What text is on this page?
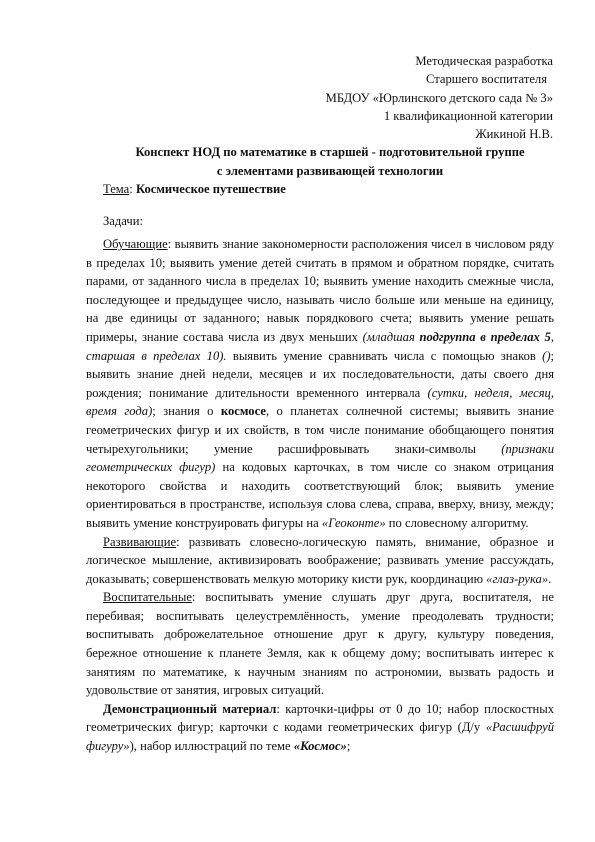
Методическая разработка
Старшего воспитателя
МБДОУ «Юрлинского детского сада № 3»
1 квалификационной категории
Жикиной Н.В.
Конспект НОД по математике в старшей - подготовительной группе
с элементами развивающей технологии
Тема: Космическое путешествие
Задачи:

Обучающие: выявить знание закономерности расположения чисел в числовом ряду в пределах 10; выявить умение детей считать в прямом и обратном порядке, считать парами, от заданного числа в пределах 10; выявить умение находить смежные числа, последующее и предыдущее число, называть число больше или меньше на единицу, на две единицы от заданного; навык порядкового счета; выявить умение решать примеры, знание состава числа из двух меньших (младшая подгруппа в пределах 5, старшая в пределах 10). выявить умение сравнивать числа с помощью знаков (); выявить знание дней недели, месяцев и их последовательности, даты своего дня рождения; понимание длительности временного интервала (сутки, неделя, месяц, время года); знания о космосе, о планетах солнечной системы; выявить знание геометрических фигур и их свойств, в том числе понимание обобщающего понятия четырехугольники; умение расшифровывать знаки-символы (признаки геометрических фигур) на кодовых карточках, в том числе со знаком отрицания некоторого свойства и находить соответствующий блок; выявить умение ориентироваться в пространстве, используя слова слева, справа, вверху, внизу, между; выявить умение конструировать фигуры на «Геоконте» по словесному алгоритму.

Развивающие: развивать словесно-логическую память, внимание, образное и логическое мышление, активизировать воображение; развивать умение рассуждать, доказывать; совершенствовать мелкую моторику кисти рук, координацию «глаз-рука».

Воспитательные: воспитывать умение слушать друг друга, воспитателя, не перебивая; воспитывать целеустремлённость, умение преодолевать трудности; воспитывать доброжелательное отношение друг к другу, культуру поведения, бережное отношение к планете Земля, как к общему дому; воспитывать интерес к занятиям по математике, к научным знаниям по астрономии, вызвать радость и удовольствие от занятия, игровых ситуаций.

Демонстрационный материал: карточки-цифры от 0 до 10; набор плоскостных геометрических фигур; карточки с кодами геометрических фигур (Д/у «Расшифруй фигуру»), набор иллюстраций по теме «Космос»;
